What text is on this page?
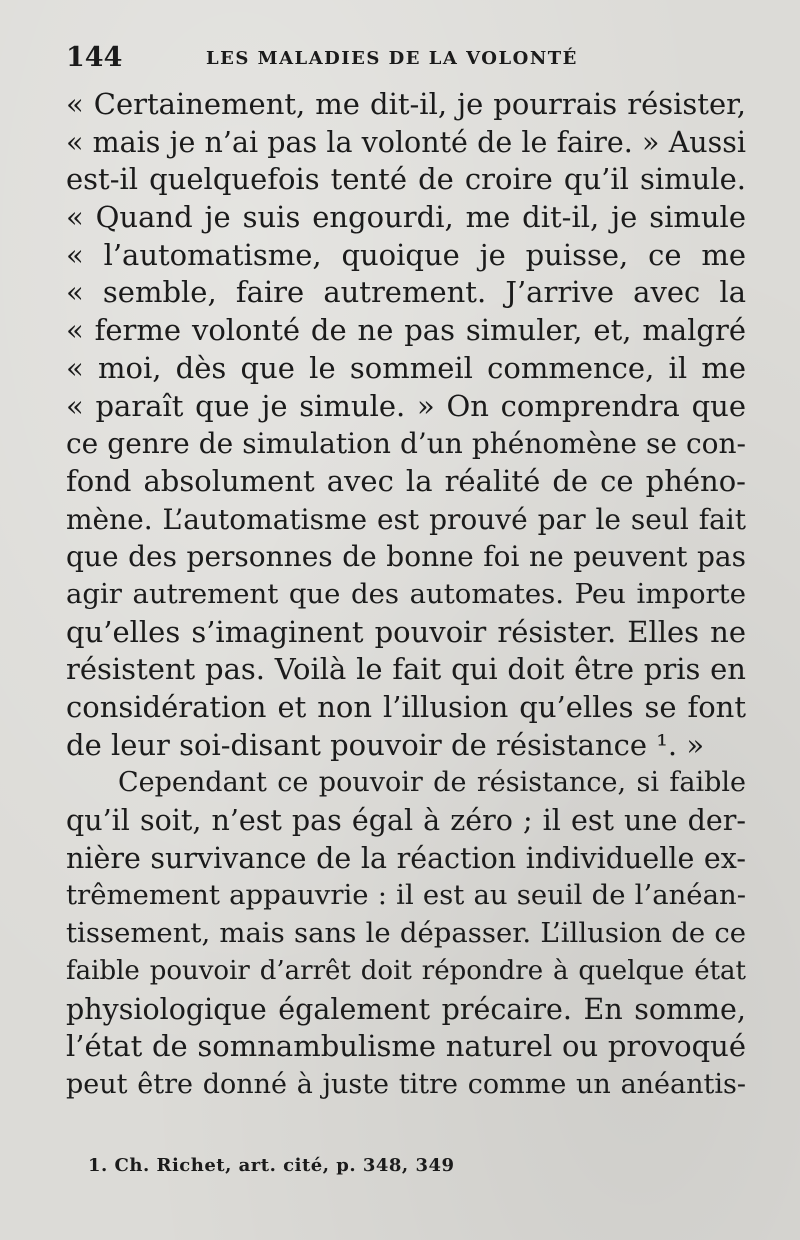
144	LES MALADIES DE LA VOLONTÉ
« Certainement, me dit-il, je pourrais résister,
« mais je n’ai pas la volonté de le faire. » Aussi
est-il quelquefois tenté de croire qu’il simule.
« Quand je suis engourdi, me dit-il, je simule
« l’automatisme, quoique je puisse, ce me
« semble, faire autrement. J’arrive avec la
« ferme volonté de ne pas simuler, et, malgré
« moi, dès que le sommeil commence, il me
« paraît que je simule. » On comprendra que
ce genre de simulation d’un phénomène se con-
fond absolument avec la réalité de ce phéno-
mène. L’automatisme est prouvé par le seul fait
que des personnes de bonne foi ne peuvent pas
agir autrement que des automates. Peu importe
qu’elles s’imaginent pouvoir résister. Elles ne
résistent pas. Voilà le fait qui doit être pris en
considération et non l’illusion qu’elles se font
de leur soi-disant pouvoir de résistance ¹. »
Cependant ce pouvoir de résistance, si faible
qu’il soit, n’est pas égal à zéro ; il est une der-
nière survivance de la réaction individuelle ex-
trêmement appauvrie : il est au seuil de l’anéan-
tissement, mais sans le dépasser. L’illusion de ce
faible pouvoir d’arrêt doit répondre à quelque état
physiologique également précaire. En somme,
l’état de somnambulisme naturel ou provoqué
peut être donné à juste titre comme un anéantis-
1. Ch. Richet, art. cité, p. 348, 349
